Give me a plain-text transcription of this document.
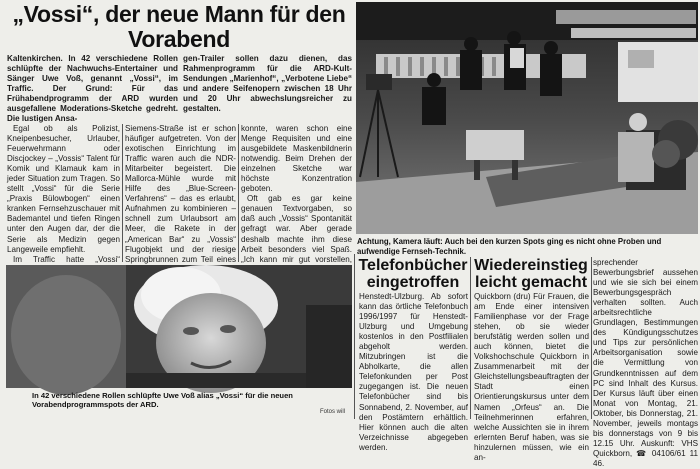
„Vossi“, der neue Mann für den Vorabend
Kaltenkirchen. In 42 verschiedene Rollen schlüpfte der Nachwuchs-Entertainer und Sänger Uwe Voß, genannt „Vossi“, im Traffic. Der Grund: Für das Frühabendprogramm der ARD wurden ausgefallene Moderations-Sketche gedreht. Die lustigen Ansa-
gen-Trailer sollen dazu dienen, das Rahmenprogramm für die ARD-Kult-Sendungen „Marienhof“, „Verbotene Liebe“ und andere Seifenopern zwischen 18 Uhr und 20 Uhr abwechslungsreicher zu gestalten.

Egal ob als Polizist, Kneipenbesucher, Urlauber, Feuerwehrmann oder Discjockey – „Vossis“ Talent für Komik und Klamauk kam in jeder Situation zum Tragen. So stellt „Vossi“ für die Serie „Praxis Bülowbogen“ einen kranken Fernsehzuschauer mit Bademantel und tiefen Ringen unter den Augen dar, der die Serie als Medizin gegen Langeweile empfiehlt.

Im Traffic hatte „Vossi“

Siemens-Straße ist er schon häufiger aufgetreten. Von der exotischen Einrichtung im Traffic waren auch die NDR-Mitarbeiter begeistert. Die Mallorca-Mühle wurde mit Hilfe des „Blue-Screen-Verfahrens“ – das es erlaubt, Aufnahmen zu kombinieren – schnell zum Urlaubsort am Meer, die Rakete in der „American Bar“ zu „Vossis“ Flugobjekt und der riesige Springbrunnen zum Teil eines

konnte, waren schon eine Menge Requisiten und eine ausgebildete Maskenbildnerin notwendig. Beim Drehen der einzelnen Sketche war höchste Konzentration geboten.

Oft gab es gar keine genauen Textvorgaben, so daß auch „Vossis“ Spontanität gefragt war. Aber gerade deshalb machte ihm diese Arbeit besonders viel Spaß. „Ich kann mir gut vorstellen,

Achtung, Kamera läuft: Auch bei den kurzen Spots ging es nicht ohne Proben und aufwendige Fernseh-Technik.
In 42 verschiedene Rollen schlüpfte Uwe Voß alias „Vossi“ für die neuen Vorabendprogrammspots der ARD.
Fotos will
Telefonbücher eingetroffen
Henstedt-Ulzburg. Ab sofort kann das örtliche Telefonbuch 1996/1997 für Henstedt-Ulzburg und Umgebung kostenlos in den Postfilialen abgeholt werden. Mitzubringen ist die Abholkarte, die allen Telefonkunden per Post zugegangen ist. Die neuen Telefonbücher sind bis Sonnabend, 2. November, auf den Postämtern erhältlich. Hier können auch die alten Verzeichnisse abgegeben werden.
Wiedereinstieg leicht gemacht
Quickborn (dru) Für Frauen, die am Ende einer intensiven Familienphase vor der Frage stehen, ob sie wieder berufstätig werden sollen und auch können, bietet die Volkshochschule Quickborn in Zusammenarbeit mit der Gleichstellungsbeauftragten der Stadt einen Orientierungskursus unter dem Namen „Orfeus“ an. Die Teilnehmerinnen erfahren, welche Aussichten sie in ihrem erlernten Beruf haben, was sie hinzulernen müssen, wie ein an-
sprechender Bewerbungsbrief aussehen und wie sie sich bei einem Bewerbungsgespräch verhalten sollten. Auch arbeitsrechtliche Grundlagen, Bestimmungen des Kündigungsschutzes und Tips zur persönlichen Arbeitsorganisation sowie die Vermittlung von Grundkenntnissen auf dem PC sind Inhalt des Kursus. Der Kursus läuft über einen Monat von Montag, 21. Oktober, bis Donnerstag, 21. November, jeweils montags bis donnerstags von 9 bis 12.15 Uhr. Auskunft: VHS Quickborn, ☎ 04106/61 11 46.
